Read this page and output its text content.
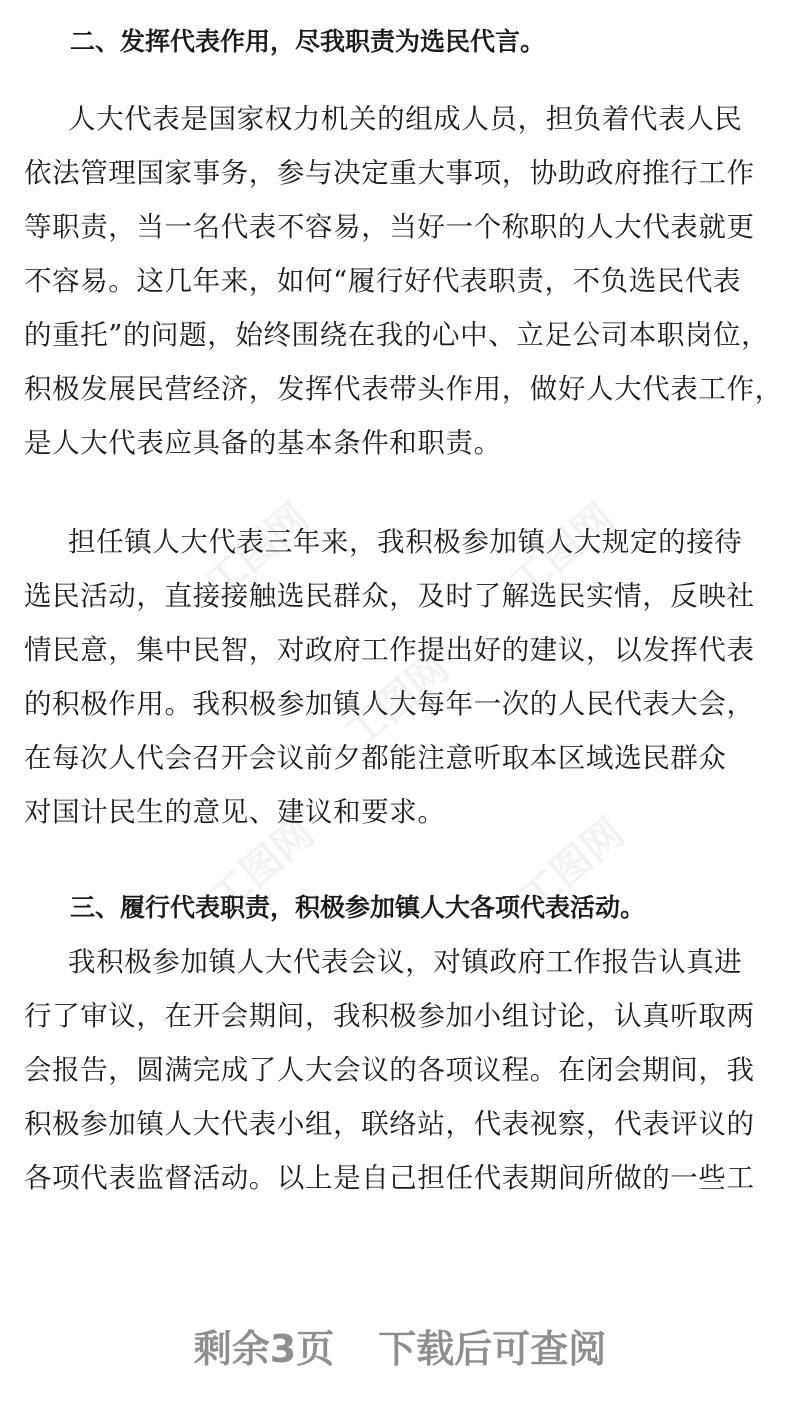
工图网	工图网
工图网
工图网	工图网
二、发挥代表作用，尽我职责为选民代言。
人大代表是国家权力机关的组成人员，担负着代表人民
依法管理国家事务，参与决定重大事项，协助政府推行工作
等职责，当一名代表不容易，当好一个称职的人大代表就更
不容易。这几年来，如何“履行好代表职责，不负选民代表
的重托”的问题，始终围绕在我的心中、立足公司本职岗位，
积极发展民营经济，发挥代表带头作用，做好人大代表工作，
是人大代表应具备的基本条件和职责。
担任镇人大代表三年来，我积极参加镇人大规定的接待
选民活动，直接接触选民群众，及时了解选民实情，反映社
情民意，集中民智，对政府工作提出好的建议，以发挥代表
的积极作用。我积极参加镇人大每年一次的人民代表大会，
在每次人代会召开会议前夕都能注意听取本区域选民群众
对国计民生的意见、建议和要求。
三、履行代表职责，积极参加镇人大各项代表活动。
我积极参加镇人大代表会议，对镇政府工作报告认真进
行了审议，在开会期间，我积极参加小组讨论，认真听取两
会报告，圆满完成了人大会议的各项议程。在闭会期间，我
积极参加镇人大代表小组，联络站，代表视察，代表评议的
各项代表监督活动。以上是自己担任代表期间所做的一些工
剩余3页 下载后可查阅
